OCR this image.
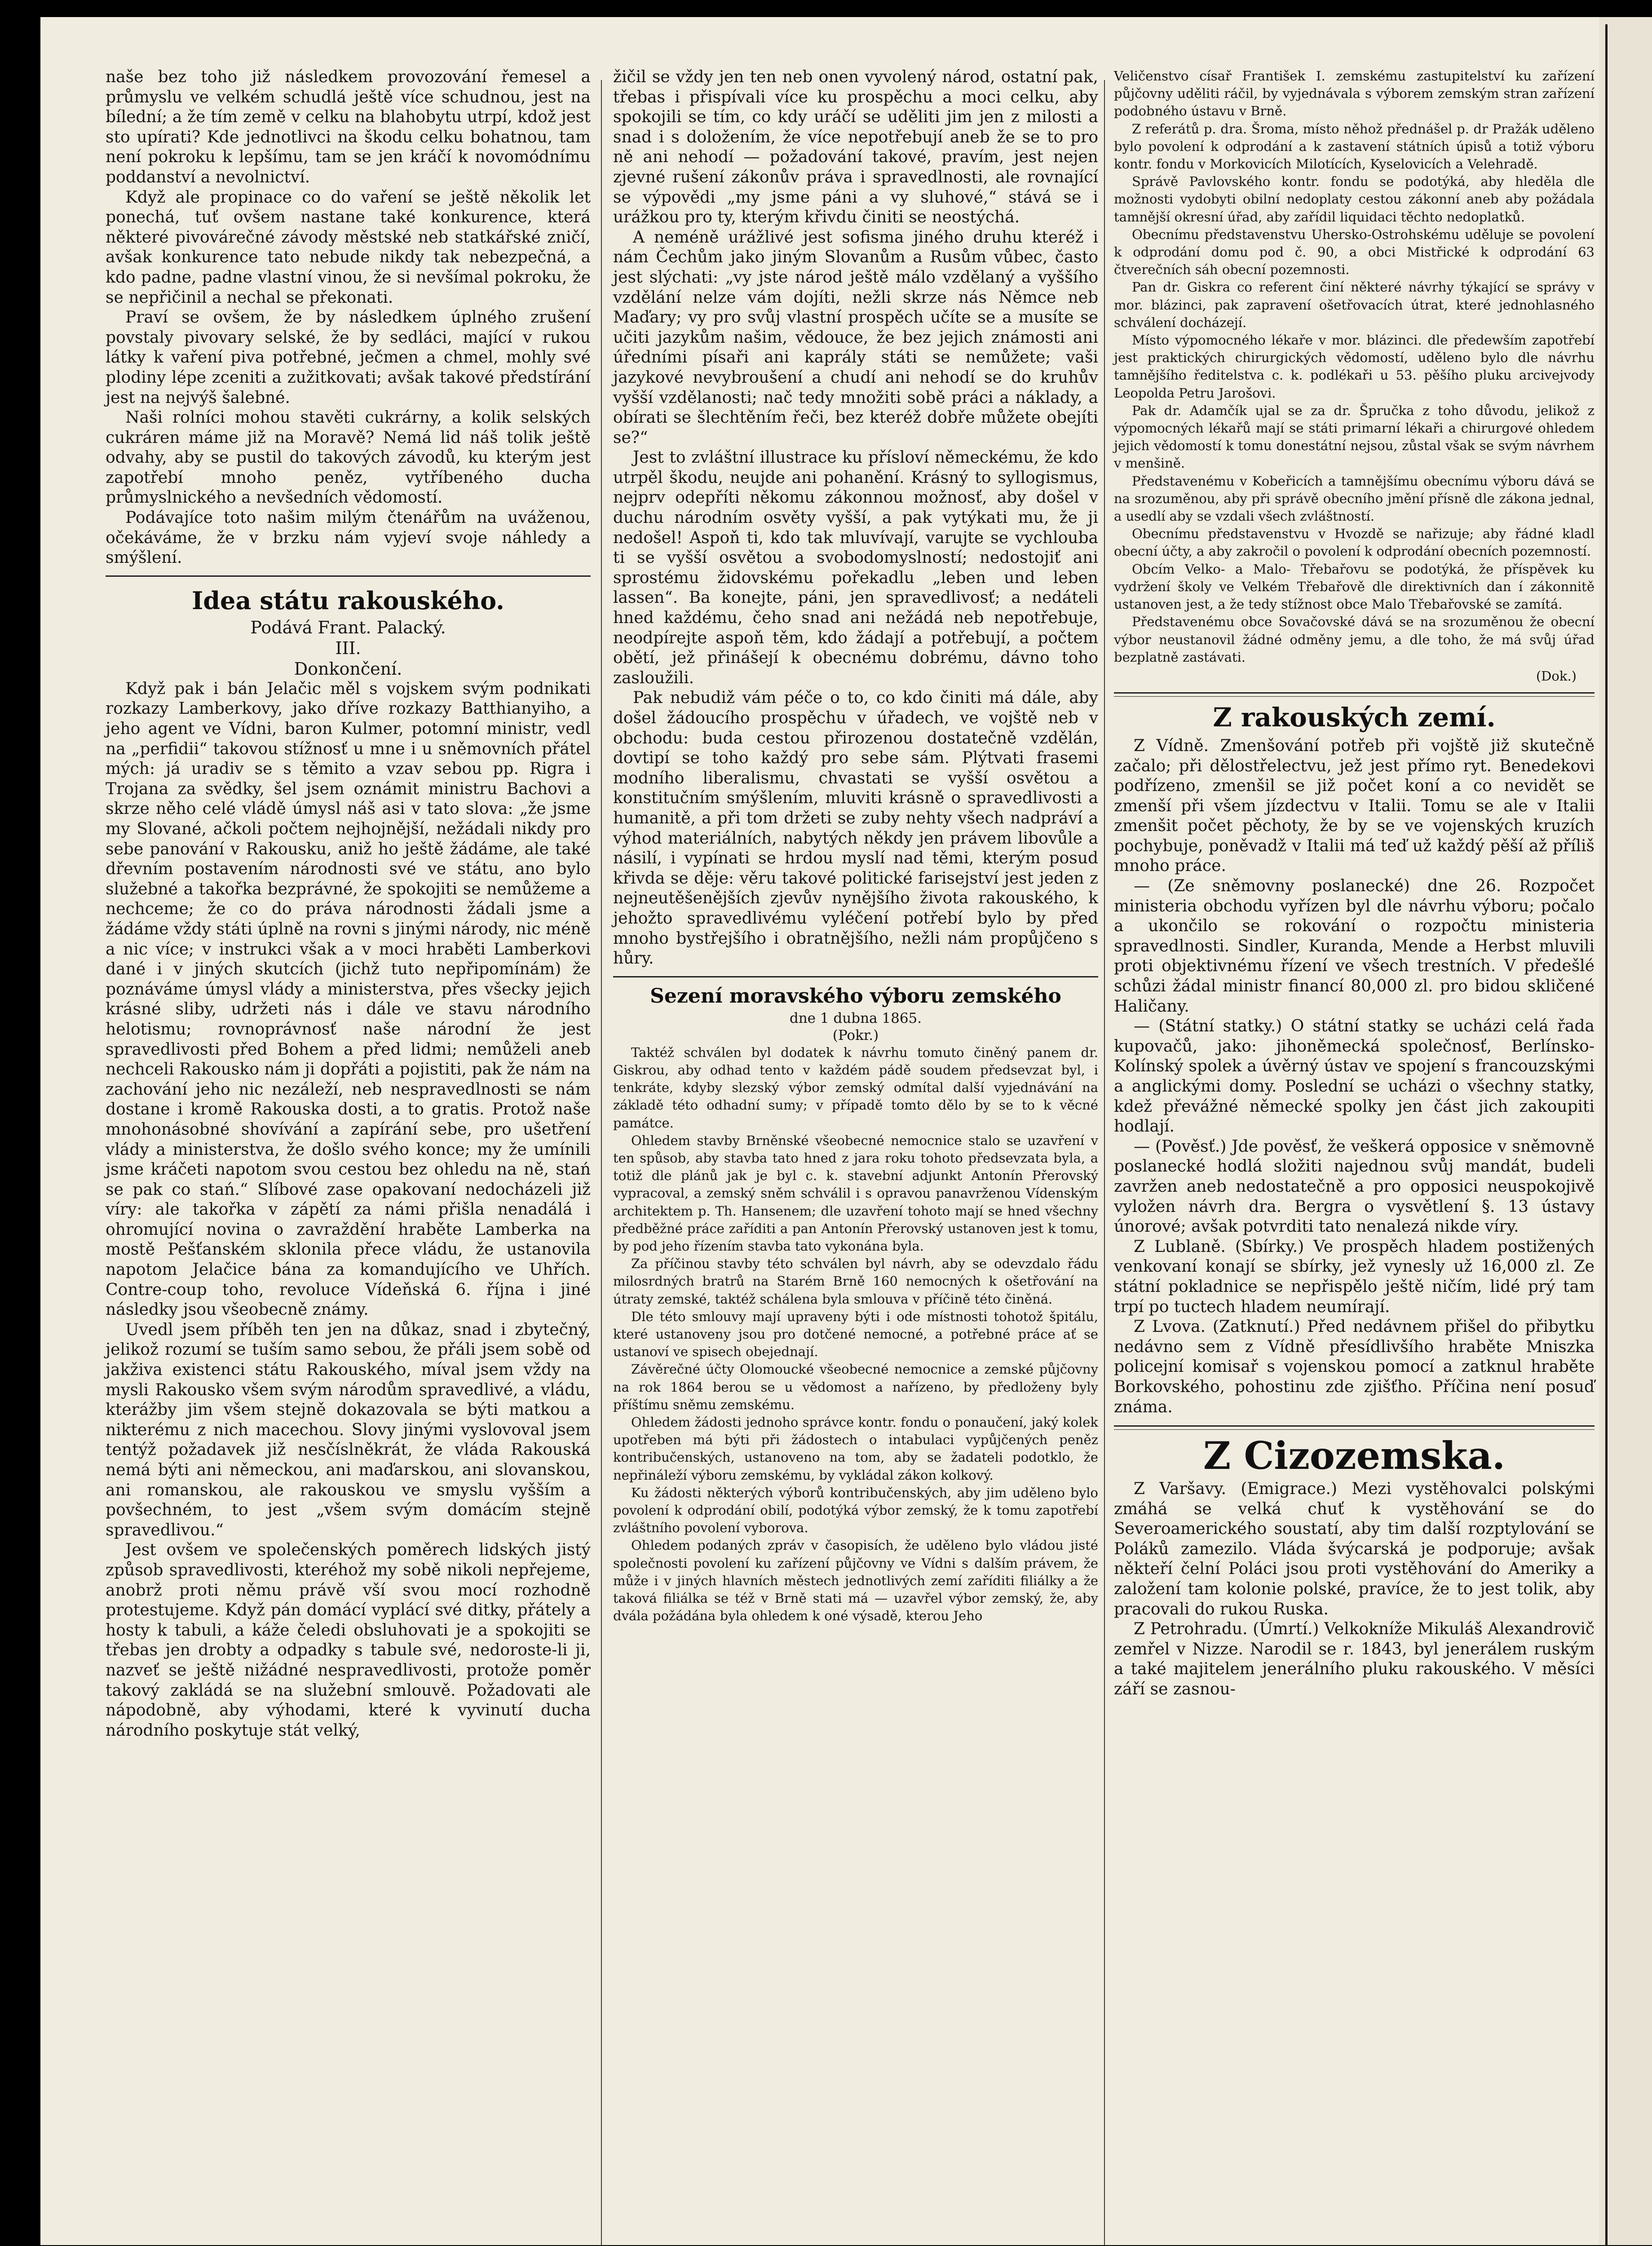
naše bez toho již následkem provozování řemesel a průmyslu ve velkém schudlá ještě více schudnou, jest na bílední; a že tím země v celku na blahobytu utrpí, kdož jest sto upírati? Kde jednotlivci na škodu celku bohatnou, tam není pokroku k lepšímu, tam se jen kráčí k novomódnímu poddanství a nevolnictví.

Když ale propinace co do vaření se ještě několik let ponechá, tuť ovšem nastane také konkurence, která některé pivovárečné závody městské neb statkářské zničí, avšak konkurence tato nebude nikdy tak nebezpečná, a kdo padne, padne vlastní vinou, že si nevšímal pokroku, že se nepřičinil a nechal se překonati.

Praví se ovšem, že by následkem úplného zrušení povstaly pivovary selské, že by sedláci, mající v rukou látky k vaření piva potřebné, ječmen a chmel, mohly své plodiny lépe zceniti a zužitkovati; avšak takové předstírání jest na nejvýš šalebné.

Naši rolníci mohou stavěti cukrárny, a kolik selských cukráren máme již na Moravě? Nemá lid náš tolik ještě odvahy, aby se pustil do takových závodů, ku kterým jest zapotřebí mnoho peněz, vytříbeného ducha průmyslnického a nevšedních vědomostí.

Podávajíce toto našim milým čtenářům na uváženou, očekáváme, že v brzku nám vyjeví svoje náhledy a smýšlení.

Idea státu rakouského.

Podává Frant. Palacký.

III.

Donkončení.

Když pak i bán Jelačic měl s vojskem svým podnikati rozkazy Lamberkovy, jako dříve rozkazy Batthianyiho, a jeho agent ve Vídni, baron Kulmer, potomní ministr, vedl na „perfidii“ takovou stížnosť u mne i u sněmovních přátel mých: já uradiv se s těmito a vzav sebou pp. Rigra i Trojana za svědky, šel jsem oznámit ministru Bachovi a skrze něho celé vládě úmysl náš asi v tato slova: „že jsme my Slované, ačkoli počtem nejhojnější, nežádali nikdy pro sebe panování v Rakousku, aniž ho ještě žádáme, ale také dřevním postavením národnosti své ve státu, ano bylo služebné a takořka bezprávné, že spokojiti se nemůžeme a nechceme; že co do práva národnosti žádali jsme a žádáme vždy státi úplně na rovni s jinými národy, nic méně a nic více; v instrukci však a v moci hraběti Lamberkovi dané i v jiných skutcích (jichž tuto nepřipomínám) že poznáváme úmysl vlády a ministerstva, přes všecky jejich krásné sliby, udržeti nás i dále ve stavu národního helotismu; rovnoprávnosť naše národní že jest spravedlivosti před Bohem a před lidmi; nemůželi aneb nechceli Rakousko nám ji dopřáti a pojistiti, pak že nám na zachování jeho nic nezáleží, neb nespravedlnosti se nám dostane i kromě Rakouska dosti, a to gratis. Protož naše mnohonásobné shovívání a zapírání sebe, pro ušetření vlády a ministerstva, že došlo svého konce; my že umínili jsme kráčeti napotom svou cestou bez ohledu na ně, stań se pak co stań.“ Slíbové zase opakovaní nedocházeli již víry: ale takořka v zápětí za námi přišla nenadálá i ohromující novina o zavraždění hraběte Lamberka na mostě Pešťanském sklonila přece vládu, že ustanovila napotom Jelačice bána za komandujícího ve Uhřích. Contre-coup toho, revoluce Vídeňská 6. října i jiné následky jsou všeobecně známy.

Uvedl jsem příběh ten jen na důkaz, snad i zbytečný, jelikož rozumí se tuším samo sebou, že přáli jsem sobě od jakživa existenci státu Rakouského, míval jsem vždy na mysli Rakousko všem svým národům spravedlivé, a vládu, kterážby jim všem stejně dokazovala se býti matkou a nikterému z nich macechou. Slovy jinými vyslovoval jsem tentýž požadavek již nesčíslněkrát, že vláda Rakouská nemá býti ani německou, ani maďarskou, ani slovanskou, ani romanskou, ale rakouskou ve smyslu vyšším a povšechném, to jest „všem svým domácím stejně spravedlivou.“

Jest ovšem ve společenských poměrech lidských jistý způsob spravedlivosti, kteréhož my sobě nikoli nepřejeme, anobrž proti němu právě vší svou mocí rozhodně protestujeme. Když pán domácí vyplácí své ditky, přátely a hosty k tabuli, a káže čeledi obsluhovati je a spokojiti se třebas jen drobty a odpadky s tabule své, nedoroste-li ji, nazveť se ještě nižádné nespravedlivosti, protože poměr takový zakládá se na služební smlouvě. Požadovati ale nápodobně, aby výhodami, které k vyvinutí ducha národního poskytuje stát velký,

žičil se vždy jen ten neb onen vyvolený národ, ostatní pak, třebas i přispívali více ku prospěchu a moci celku, aby spokojili se tím, co kdy uráčí se uděliti jim jen z milosti a snad i s doložením, že více nepotřebují aneb že se to pro ně ani nehodí — požadování takové, pravím, jest nejen zjevné rušení zákonův práva i spravedlnosti, ale rovnající se výpovědi „my jsme páni a vy sluhové,“ stává se i urážkou pro ty, kterým křivdu činiti se neostýchá.

A neméně urážlivé jest sofisma jiného druhu kteréž i nám Čechům jako jiným Slovanům a Rusům vůbec, často jest slýchati: „vy jste národ ještě málo vzdělaný a vyššího vzdělání nelze vám dojíti, nežli skrze nás Němce neb Maďary; vy pro svůj vlastní prospěch učíte se a musíte se učiti jazykům našim, vědouce, že bez jejich známosti ani úředními písaři ani kaprály státi se nemůžete; vaši jazykové nevybroušení a chudí ani nehodí se do kruhův vyšší vzdělanosti; nač tedy množiti sobě práci a náklady, a obírati se šlechtěním řeči, bez kteréž dobře můžete obejíti se?“

Jest to zvláštní illustrace ku přísloví německému, že kdo utrpěl škodu, neujde ani pohanění. Krásný to syllogismus, nejprv odepříti někomu zákonnou možnosť, aby došel v duchu národním osvěty vyšší, a pak vytýkati mu, že ji nedošel! Aspoň ti, kdo tak mluvívají, varujte se vychlouba ti se vyšší osvětou a svobodomyslností; nedostojiť ani sprostému židovskému pořekadlu „leben und leben lassen“. Ba konejte, páni, jen spravedlivosť; a nedáteli hned každému, čeho snad ani nežádá neb nepotřebuje, neodpírejte aspoň těm, kdo žádají a potřebují, a počtem obětí, jež přinášejí k obecnému dobrému, dávno toho zasloužili.

Pak nebudiž vám péče o to, co kdo činiti má dále, aby došel žádoucího prospěchu v úřadech, ve vojště neb v obchodu: buda cestou přirozenou dostatečně vzdělán, dovtipí se toho každý pro sebe sám. Plýtvati frasemi modního liberalismu, chvastati se vyšší osvětou a konstitučním smýšlením, mluviti krásně o spravedlivosti a humanitě, a při tom držeti se zuby nehty všech nadpráví a výhod materiálních, nabytých někdy jen právem libovůle a násilí, i vypínati se hrdou myslí nad těmi, kterým posud křivda se děje: věru takové politické farisejství jest jeden z nejneutěšenějších zjevův nynějšího života rakouského, k jehožto spravedlivému vyléčení potřebí bylo by před mnoho bystřejšího i obratnějšího, nežli nám propůjčeno s hůry.

Sezení moravského výboru zemského

dne 1 dubna 1865.

(Pokr.)

Taktéž schválen byl dodatek k návrhu tomuto činěný panem dr. Giskrou, aby odhad tento v každém pádě soudem předsevzat byl, i tenkráte, kdyby slezský výbor zemský odmítal další vyjednávání na základě této odhadní sumy; v případě tomto dělo by se to k věcné památce.

Ohledem stavby Brněnské všeobecné nemocnice stalo se uzavření v ten spůsob, aby stavba tato hned z jara roku tohoto předsevzata byla, a totiž dle plánů jak je byl c. k. stavební adjunkt Antonín Přerovský vypracoval, a zemský sněm schválil i s opravou panavrženou Vídenským architektem p. Th. Hansenem; dle uzavření tohoto mají se hned všechny předběžné práce zaříditi a pan Antonín Přerovský ustanoven jest k tomu, by pod jeho řízením stavba tato vykonána byla.

Za příčinou stavby této schválen byl návrh, aby se odevzdalo řádu milosrdných bratrů na Starém Brně 160 nemocných k ošetřování na útraty zemské, taktéž schálena byla smlouva v příčině této činěná.

Dle této smlouvy mají upraveny býti i ode místnosti tohotož špitálu, které ustanoveny jsou pro dotčené nemocné, a potřebné práce ať se ustanoví ve spisech obejednají.

Závěrečné účty Olomoucké všeobecné nemocnice a zemské půjčovny na rok 1864 berou se u vědomost a nařízeno, by předloženy byly příštímu sněmu zemskému.

Ohledem žádosti jednoho správce kontr. fondu o ponaučení, jaký kolek upotřeben má býti při žádostech o intabulaci vypůjčených peněz kontribučenských, ustanoveno na tom, aby se žadateli podotklo, že nepřináleží výboru zemskému, by vykládal zákon kolkový.

Ku žádosti některých výborů kontribučenských, aby jim uděleno bylo povolení k odprodání obilí, podotýká výbor zemský, že k tomu zapotřebí zvláštního povolení vyborova.

Ohledem podaných zpráv v časopisích, že uděleno bylo vládou jisté společnosti povolení ku zařízení půjčovny ve Vídni s dalším právem, že může i v jiných hlavních městech jednotlivých zemí zaříditi filiálky a že taková filiálka se též v Brně stati má — uzavřel výbor zemský, že, aby dvála požádána byla ohledem k oné výsadě, kterou Jeho

Veličenstvo císař František I. zemskému zastupitelství ku zařízení půjčovny uděliti ráčil, by vyjednávala s výborem zemským stran zařízení podobného ústavu v Brně.

Z referátů p. dra. Šroma, místo něhož přednášel p. dr Pražák uděleno bylo povolení k odprodání a k zastavení státních úpisů a totiž výboru kontr. fondu v Morkovicích Milotících, Kyselovicích a Velehradě.

Správě Pavlovského kontr. fondu se podotýká, aby hleděla dle možnosti vydobyti obilní nedoplaty cestou zákonní aneb aby požádala tamnější okresní úřad, aby zařídil liquidaci těchto nedoplatků.

Obecnímu představenstvu Uhersko-Ostrohskému uděluje se povolení k odprodání domu pod č. 90, a obci Mistřické k odprodání 63 čtverečních sáh obecní pozemnosti.

Pan dr. Giskra co referent činí některé návrhy týkající se správy v mor. blázinci, pak zapravení ošetřovacích útrat, které jednohlasného schválení docházejí.

Místo výpomocného lékaře v mor. blázinci. dle předewším zapotřebí jest praktických chirurgických vědomostí, uděleno bylo dle návrhu tamnějšího ředitelstva c. k. podlékaři u 53. pěšího pluku arcivejvody Leopolda Petru Jarošovi.

Pak dr. Adamčík ujal se za dr. Špručka z toho důvodu, jelikož z výpomocných lékařů mají se státi primarní lékaři a chirurgové ohledem jejich vědomostí k tomu donestátní nejsou, zůstal však se svým návrhem v menšině.

Představenému v Kobeřicích a tamnějšímu obecnímu výboru dává se na srozuměnou, aby při správě obecního jmění přísně dle zákona jednal, a usedlí aby se vzdali všech zvláštností.

Obecnímu představenstvu v Hvozdě se nařizuje; aby řádné kladl obecní účty, a aby zakročil o povolení k odprodání obecních pozemností.

Obcím Velko- a Malo- Třebařovu se podotýká, že příspěvek ku vydržení školy ve Velkém Třebařově dle direktivních dan í zákonnitě ustanoven jest, a že tedy stížnost obce Malo Třebařovské se zamítá.

Představenému obce Sovačovské dává se na srozuměnou že obecní výbor neustanovil žádné odměny jemu, a dle toho, že má svůj úřad bezplatně zastávati.

(Dok.)

Z rakouských zemí.

Z Vídně. Zmenšování potřeb při vojště již skutečně začalo; při dělostřelectvu, jež jest přímo ryt. Benedekovi podřízeno, zmenšil se již počet koní a co nevidět se zmenší při všem jízdectvu v Italii. Tomu se ale v Italii zmenšit počet pěchoty, že by se ve vojenských kruzích pochybuje, poněvadž v Italii má teď už každý pěší až příliš mnoho práce.

— (Ze sněmovny poslanecké) dne 26. Rozpočet ministeria obchodu vyřízen byl dle návrhu výboru; počalo a ukončilo se rokování o rozpočtu ministeria spravedlnosti. Sindler, Kuranda, Mende a Herbst mluvili proti objektivnému řízení ve všech trestních. V předešlé schůzi žádal ministr financí 80,000 zl. pro bidou skličené Haličany.

— (Státní statky.) O státní statky se ucházi celá řada kupovačů, jako: jihoněmecká společnosť, Berlínsko-Kolínský spolek a úvěrný ústav ve spojení s francouzskými a anglickými domy. Poslední se ucházi o všechny statky, kdež převážné německé spolky jen část jich zakoupiti hodlají.

— (Pověsť.) Jde pověsť, že veškerá opposice v sněmovně poslanecké hodlá složiti najednou svůj mandát, budeli zavržen aneb nedostatečně a pro opposici neuspokojivě vyložen návrh dra. Bergra o vysvětlení §. 13 ústavy únorové; avšak potvrditi tato nenalezá nikde víry.

Z Lublaně. (Sbírky.) Ve prospěch hladem postižených venkovaní konají se sbírky, jež vynesly už 16,000 zl. Ze státní pokladnice se nepřispělo ještě ničím, lidé prý tam trpí po tuctech hladem neumírají.

Z Lvova. (Zatknutí.) Před nedávnem přišel do přibytku nedávno sem z Vídně přesídlivšího hraběte Mniszka policejní komisař s vojenskou pomocí a zatknul hraběte Borkovského, pohostinu zde zjišťho. Příčina není posuď známa.

Z Cizozemska.

Z Varšavy. (Emigrace.) Mezi vystěhovalci polskými zmáhá se velká chuť k vystěhování se do Severoamerického soustatí, aby tim další rozptylování se Poláků zamezilo. Vláda švýcarská je podporuje; avšak někteří čelní Poláci jsou proti vystěhování do Ameriky a založení tam kolonie polské, pravíce, že to jest tolik, aby pracovali do rukou Ruska.

Z Petrohradu. (Úmrtí.) Velkokníže Mikuláš Alexandrovič zemřel v Nizze. Narodil se r. 1843, byl jenerálem ruským a také majitelem jenerálního pluku rakouského. V měsíci září se zasnou-
